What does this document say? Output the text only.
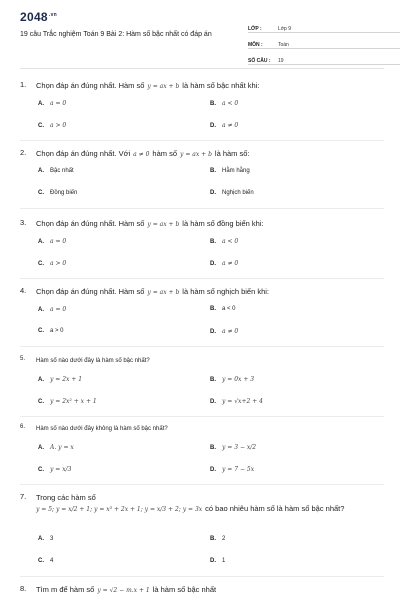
$2048^{.vn}$
19 câu Trắc nghiệm Toán 9 Bài 2: Hàm số bậc nhất có đáp án
LỚP :	Lớp 9
MÔN :	Toán
SỐ CÂU :	19
1.	Chọn đáp án đúng nhất. Hàm số y = ax + b là hàm số bậc nhất khi:
A. a = 0	B. a < 0
C. a > 0	D. a ≠ 0
2.	Chọn đáp án đúng nhất. Với a ≠ 0 hàm số y = ax + b là hàm số:
A. Bậc nhất	B. Hằm hằng
C. Đồng biến	D. Nghịch biến
3.	Chọn đáp án đúng nhất. Hàm số y = ax + b là hàm số đồng biến khi:
A. a = 0	B. a < 0
C. a > 0	D. a ≠ 0
4.	Chọn đáp án đúng nhất. Hàm số y = ax + b là hàm số nghịch biến khi:
A. a = 0	B. a < 0
C. a > 0	D. a ≠ 0
5.	Hàm số nào dưới đây là hàm số bậc nhất?
A. y = 2x + 1	B. y = 0x + 3
C. y = 2x² + x + 1	D. y = √x+2 + 4
6.	Hàm số nào dưới đây không là hàm số bậc nhất?
A. A. y = x	B. y = 3 − x/2
C. y = x/3	D. y = 7 − 5x
7.	Trong các hàm số
y = 5; y = x/2 + 1; y = x³ + 2x + 1; y = x/3 + 2; y = 3x có bao nhiêu hàm số là hàm số bậc nhất?
A. 3	B. 2
C. 4	D. 1
8.	Tìm m để hàm số y = √2 − m.x + 1 là hàm số bậc nhất
